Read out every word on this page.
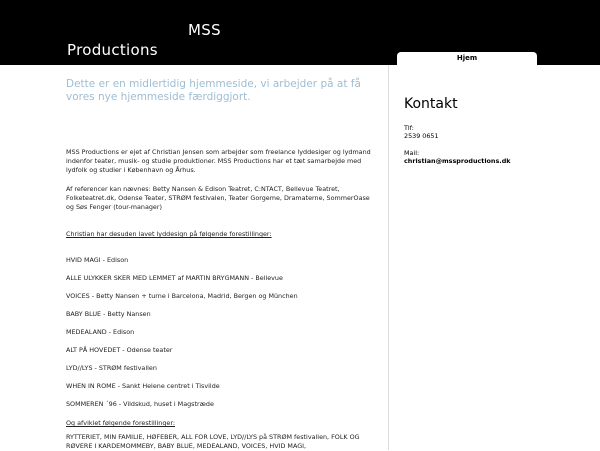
MSS
Productions	Hjem
Dette er en midlertidig hjemmeside, vi arbejder på at få vores nye hjemmeside færdiggjort.

MSS Productions er ejet af Christian Jensen som arbejder som freelance lyddesiger og lydmand indenfor teater, musik- og studie produktioner. MSS Productions har et tæt samarbejde med lydfolk og studier i København og Århus.

Af referencer kan nævnes: Betty Nansen & Edison Teatret, C:NTACT, Bellevue Teatret, Folketeatret.dk, Odense Teater, STRØM festivalen, Teater Gorgeme, Dramaterne, SommerOase og Søs Fenger (tour-manager)

Christian har desuden lavet lyddesign på følgende forestillinger:

HVID MAGI - Edison

ALLE ULYKKER SKER MED LEMMET af MARTIN BRYGMANN - Bellevue

VOICES - Betty Nansen + turne i Barcelona, Madrid, Bergen og München

BABY BLUE - Betty Nansen

MEDEALAND - Edison

ALT PÅ HOVEDET - Odense teater

LYD//LYS - STRØM festivallen

WHEN IN ROME - Sankt Helene centret i Tisvilde

SOMMEREN ´96 - Vildskud, huset i Magstræde

Og afviklet følgende forestillinger:

RYTTERIET, MIN FAMILIE, HØFEBER, ALL FOR LOVE, LYD//LYS på STRØM festivallen, FOLK OG RØVERE I KARDEMOMMEBY, BABY BLUE, MEDEALAND, VOICES, HVID MAGI,

Kontakt
Tlf:
2539 0651
Mail:
christian@mssproductions.dk
